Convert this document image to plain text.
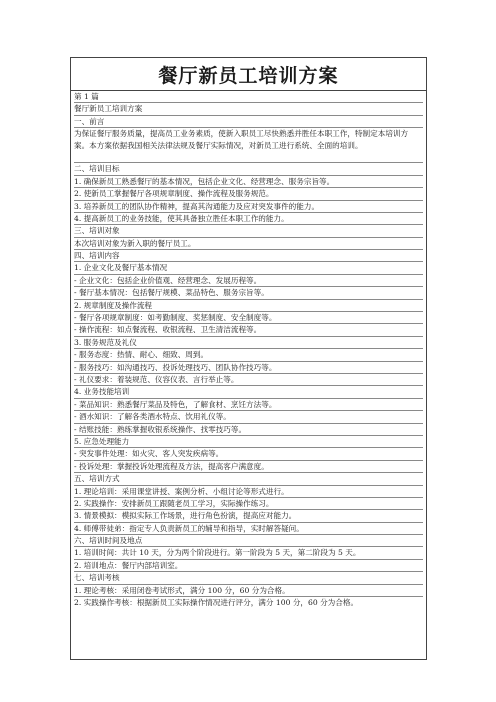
餐厅新员工培训方案
第 1 篇
餐厅新员工培训方案
一、前言
为保证餐厅服务质量，提高员工业务素质，使新入职员工尽快熟悉并胜任本职工作，特制定本培训方案。本方案依据我国相关法律法规及餐厅实际情况，对新员工进行系统、全面的培训。
二、培训目标
1. 确保新员工熟悉餐厅的基本情况，包括企业文化、经营理念、服务宗旨等。
2. 使新员工掌握餐厅各项规章制度、操作流程及服务规范。
3. 培养新员工的团队协作精神，提高其沟通能力及应对突发事件的能力。
4. 提高新员工的业务技能，使其具备独立胜任本职工作的能力。
三、培训对象
本次培训对象为新入职的餐厅员工。
四、培训内容
1. 企业文化及餐厅基本情况
- 企业文化：包括企业价值观、经营理念、发展历程等。
- 餐厅基本情况：包括餐厅规模、菜品特色、服务宗旨等。
2. 规章制度及操作流程
- 餐厅各项规章制度：如考勤制度、奖惩制度、安全制度等。
- 操作流程：如点餐流程、收银流程、卫生清洁流程等。
3. 服务规范及礼仪
- 服务态度：热情、耐心、细致、周到。
- 服务技巧：如沟通技巧、投诉处理技巧、团队协作技巧等。
- 礼仪要求：着装规范、仪容仪表、言行举止等。
4. 业务技能培训
- 菜品知识：熟悉餐厅菜品及特色，了解食材、烹饪方法等。
- 酒水知识：了解各类酒水特点、饮用礼仪等。
- 结账技能：熟练掌握收银系统操作、找零技巧等。
5. 应急处理能力
- 突发事件处理：如火灾、客人突发疾病等。
- 投诉处理：掌握投诉处理流程及方法，提高客户满意度。
五、培训方式
1. 理论培训：采用课堂讲授、案例分析、小组讨论等形式进行。
2. 实践操作：安排新员工跟随老员工学习，实际操作练习。
3. 情景模拟：模拟实际工作场景，进行角色扮演，提高应对能力。
4. 师傅带徒弟：指定专人负责新员工的辅导和指导，实时解答疑问。
六、培训时间及地点
1. 培训时间：共计 10 天，分为两个阶段进行。第一阶段为 5 天，第二阶段为 5 天。
2. 培训地点：餐厅内部培训室。
七、培训考核
1. 理论考核：采用闭卷考试形式，满分 100 分，60 分为合格。
2. 实践操作考核：根据新员工实际操作情况进行评分，满分 100 分，60 分为合格。
